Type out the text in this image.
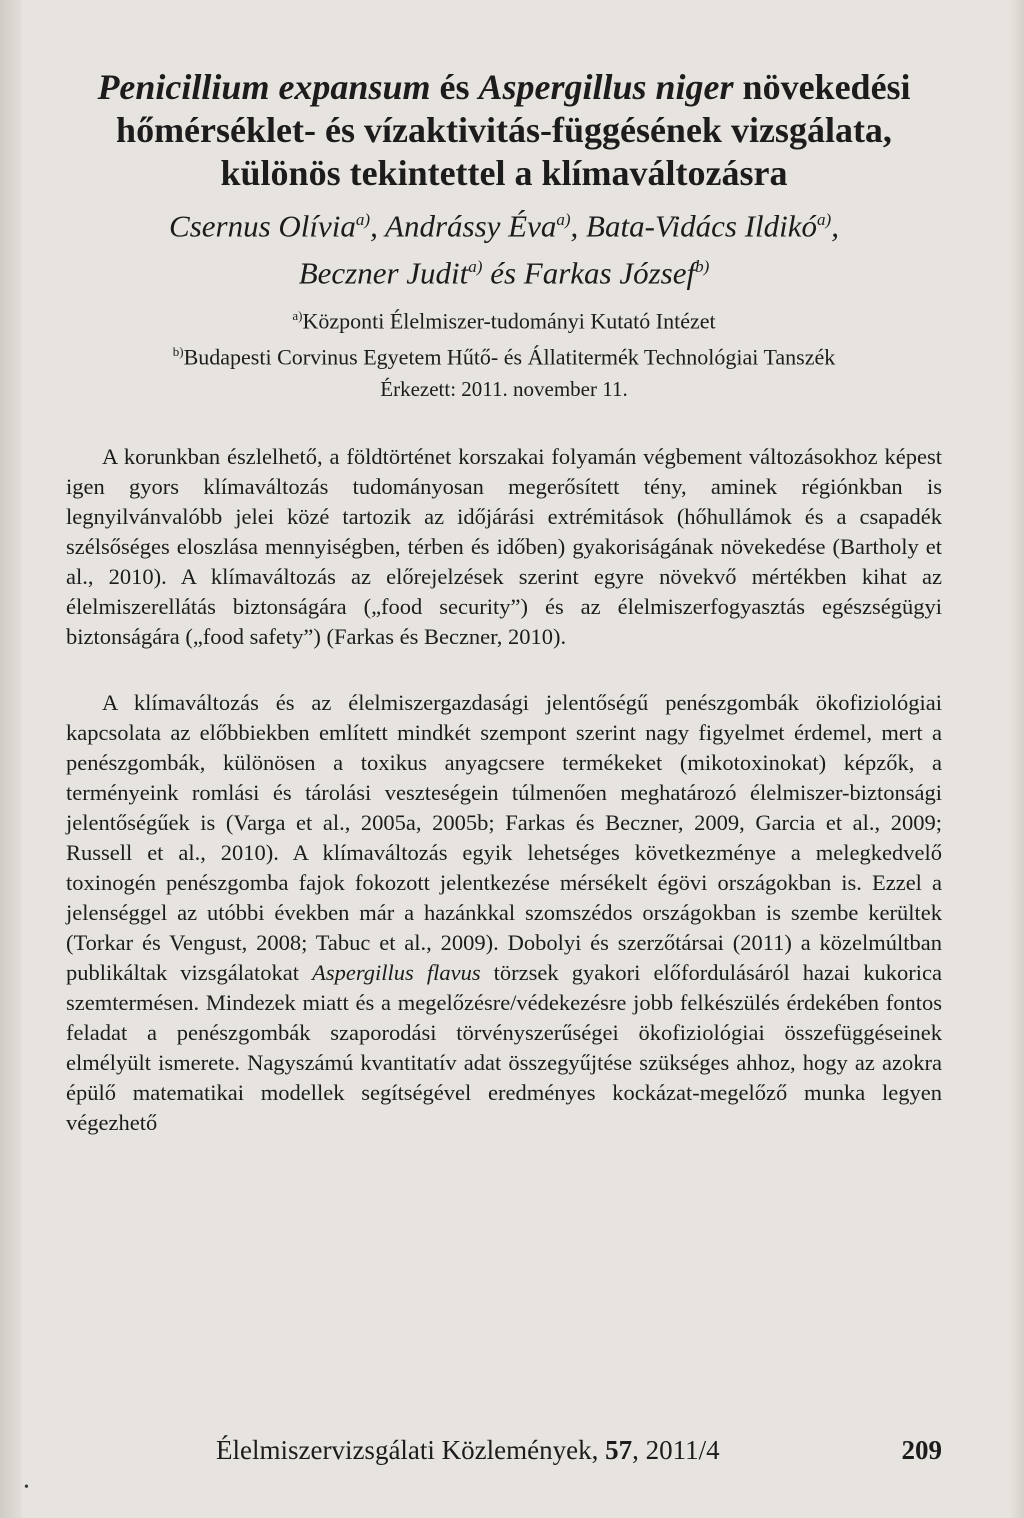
Penicillium expansum és Aspergillus niger növekedési hőmérséklet- és vízaktivitás-függésének vizsgálata, különös tekintettel a klímaváltozásra
Csernus Olívia$^{a)}$, Andrássy Éva$^{a)}$, Bata-Vidács Ildikó$^{a)}$,
Beczner Judit$^{a)}$ és Farkas József$^{b)}$
$^{a)}$Központi Élelmiszer-tudományi Kutató Intézet
$^{b)}$Budapesti Corvinus Egyetem Hűtő- és Állatitermék Technológiai Tanszék
Érkezett: 2011. november 11.

A korunkban észlelhető, a földtörténet korszakai folyamán végbement változásokhoz képest igen gyors klímaváltozás tudományosan megerősített tény, aminek régiónkban is legnyilvánvalóbb jelei közé tartozik az időjárási extrémitások (hőhullámok és a csapadék szélsőséges eloszlása mennyiségben, térben és időben) gyakoriságának növekedése (Bartholy et al., 2010). A klímaváltozás az előrejelzések szerint egyre növekvő mértékben kihat az élelmiszerellátás biztonságára („food security”) és az élelmiszerfogyasztás egészségügyi biztonságára („food safety”) (Farkas és Beczner, 2010).

A klímaváltozás és az élelmiszergazdasági jelentőségű penészgombák ökofiziológiai kapcsolata az előbbiekben említett mindkét szempont szerint nagy figyelmet érdemel, mert a penészgombák, különösen a toxikus anyagcsere termékeket (mikotoxinokat) képzők, a terményeink romlási és tárolási veszteségein túlmenően meghatározó élelmiszer-biztonsági jelentőségűek is (Varga et al., 2005a, 2005b; Farkas és Beczner, 2009, Garcia et al., 2009; Russell et al., 2010). A klímaváltozás egyik lehetséges következménye a melegkedvelő toxinogén penészgomba fajok fokozott jelentkezése mérsékelt égövi országokban is. Ezzel a jelenséggel az utóbbi években már a hazánkkal szomszédos országokban is szembe kerültek (Torkar és Vengust, 2008; Tabuc et al., 2009). Dobolyi és szerzőtársai (2011) a közelmúltban publikáltak vizsgálatokat Aspergillus flavus törzsek gyakori előfordulásáról hazai kukorica szemtermésen. Mindezek miatt és a megelőzésre/védekezésre jobb felkészülés érdekében fontos feladat a penészgombák szaporodási törvényszerűségei ökofiziológiai összefüggéseinek elmélyült ismerete. Nagyszámú kvantitatív adat összegyűjtése szükséges ahhoz, hogy az azokra épülő matematikai modellek segítségével eredményes kockázat-megelőző munka legyen végezhető

Élelmiszervizsgálati Közlemények, 57, 2011/4	209
•
